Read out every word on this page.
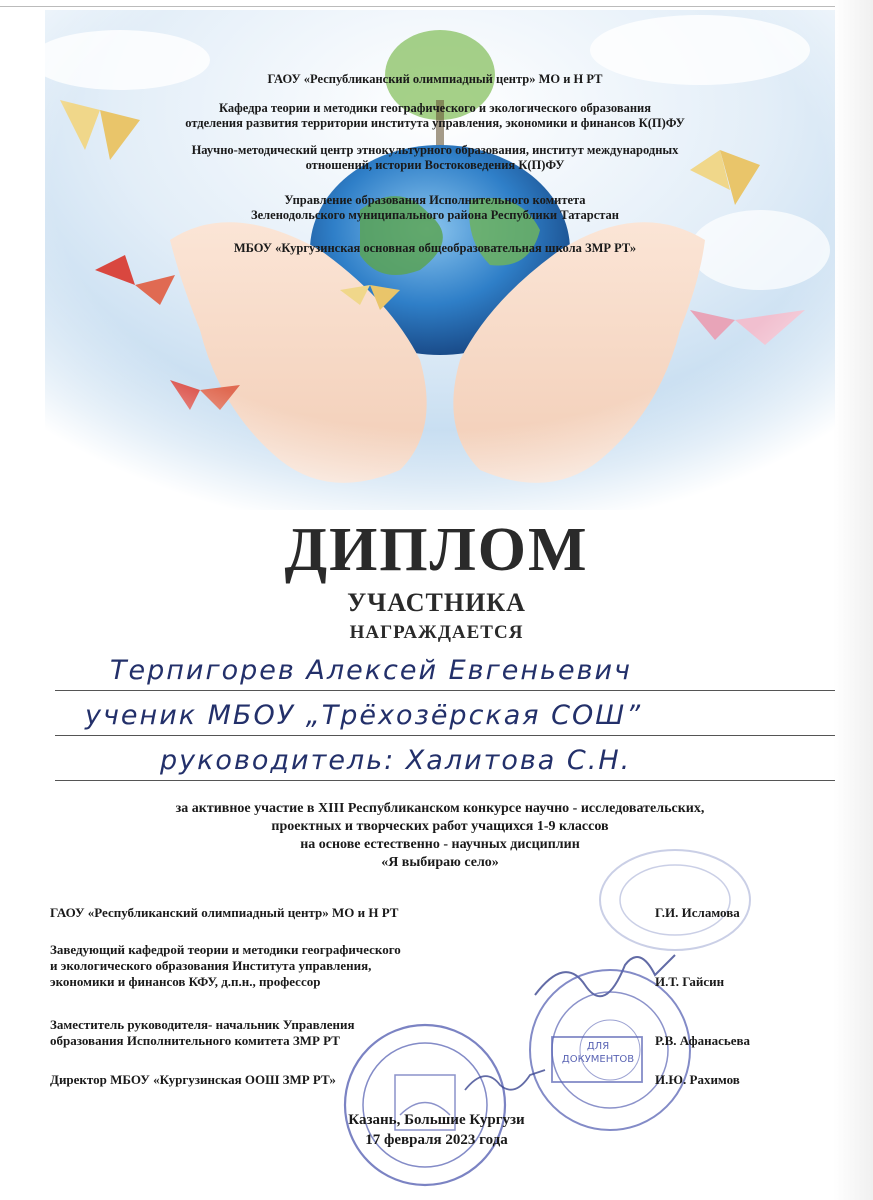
ГАОУ «Республиканский олимпиадный центр» МО и Н РТ
Кафедра теории и методики географического и экологического образования
отделения развития территории института управления, экономики и финансов К(П)ФУ
Научно-методический центр этнокультурного образования, институт международных
отношений, истории Востоковедения К(П)ФУ
Управление образования Исполнительного комитета
Зеленодольского муниципального района Республики Татарстан
МБОУ «Кургузинская основная общеобразовательная школа ЗМР РТ»
ДИПЛОМ
УЧАСТНИКА
НАГРАЖДАЕТСЯ
Терпигорев Алексей Евгеньевич
ученик МБОУ „Трёхозёрская СОШ”
руководитель: Халитова С.Н.
за активное участие в XIII Республиканском конкурсе научно - исследовательских,
проектных и творческих работ учащихся 1-9 классов
на основе естественно - научных дисциплин
«Я выбираю село»
ДЛЯ ДОКУМЕНТОВ
ГАОУ «Республиканский олимпиадный центр» МО и Н РТ	Г.И. Исламова
Заведующий кафедрой теории и методики географического
и экологического образования Института управления,
экономики и финансов КФУ, д.п.н., профессор	И.Т. Гайсин
Заместитель руководителя- начальник Управления
образования Исполнительного комитета ЗМР РТ	Р.В. Афанасьева
Директор МБОУ «Кургузинская ООШ ЗМР РТ»	И.Ю. Рахимов
Казань, Большие Кургузи
17 февраля 2023 года
